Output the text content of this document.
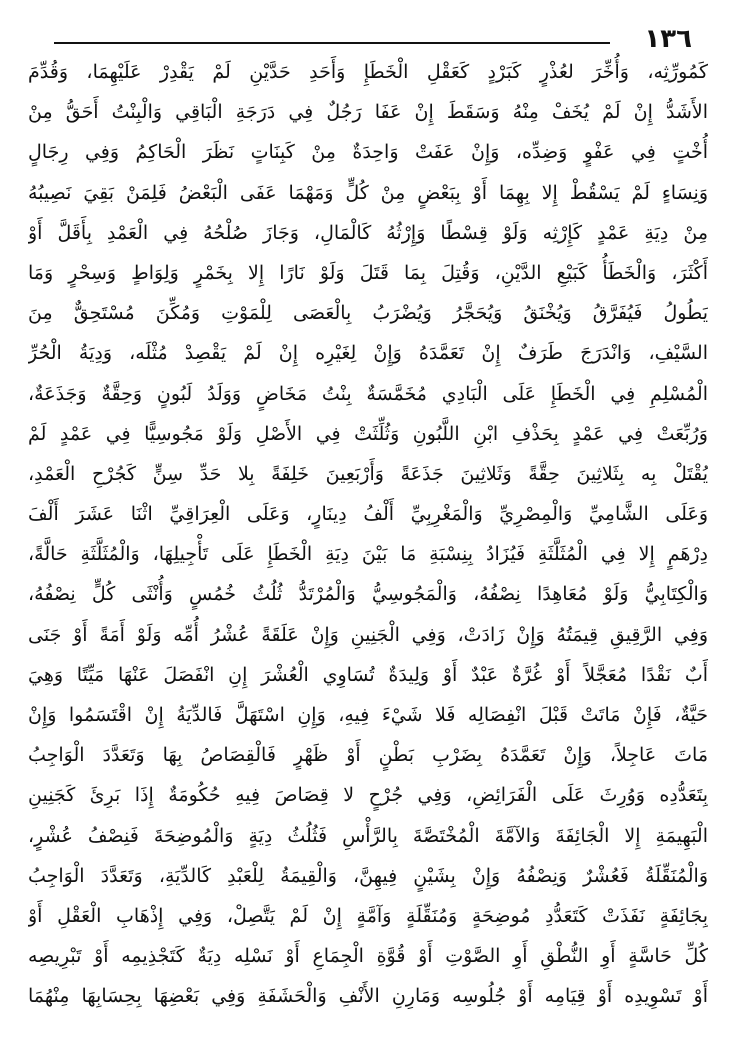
١٣٦
كَمُورِّثِه، وَأُخِّرَ لعُذْرٍ كَبَرْدٍ كَعَقْلِ الْخَطَإِ وَأَحَدِ حَدَّيْنِ لَمْ يَقْدِرْ عَلَيْهِمَا، وَقُدِّمَ
الأَشَدُّ إِنْ لَمْ يُخَفْ مِنْهُ وَسَقَطَ إِنْ عَفَا رَجُلٌ فِي دَرَجَةِ الْبَاقِي وَالْبِنْتُ أَحَقُّ مِنْ
أُخْتٍ فِي عَفْوٍ وَضِدِّه، وَإِنْ عَفَتْ وَاحِدَةٌ مِنْ كَبِنَاتٍ نَظَرَ الْحَاكِمُ وَفِي رِجَالٍ
وَنِسَاءٍ لَمْ يَسْقُطْ إِلا بِهِمَا أَوْ بِبَعْضٍ مِنْ كُلٍّ وَمَهْمَا عَفَى الْبَعْضُ فَلِمَنْ بَقِيَ نَصِيبُهُ
مِنْ دِيَةِ عَمْدٍ كَإِرْثِه وَلَوْ قِسْطًا وَإِرْثُهُ كَالْمَالِ، وَجَازَ صُلْحُهُ فِي الْعَمْدِ بِأَقَلَّ أَوْ
أَكْثَرَ، وَالْخَطَأُ كَبَيْعِ الدَّيْنِ، وَقُتِلَ بِمَا قَتَلَ وَلَوْ نَارًا إِلا بِخَمْرٍ وَلِوَاطٍ وَسِحْرٍ وَمَا
يَطُولُ فَيُفَرَّقُ وَيُخْنَقُ وَيُحَجَّرُ وَيُضْرَبُ بِالْعَصَى لِلْمَوْتِ وَمُكِّنَ مُسْتَحِقٌّ مِنَ
السَّيْفِ، وَانْدَرَجَ طَرَفٌ إِنْ تَعَمَّدَهُ وَإِنْ لِغَيْرِه إِنْ لَمْ يَقْصِدْ مُثْلَه، وَدِيَةُ الْحُرِّ
الْمُسْلِمِ فِي الْخَطَإِ عَلَى الْبَادِي مُخَمَّسَةٌ بِنْتُ مَخَاضٍ وَوَلَدُ لَبُونٍ وَحِقَّةٌ وَجَذَعَةٌ،
وَرُبِّعَتْ فِي عَمْدٍ بِحَذْفِ ابْنِ اللَّبُونِ وَثُلِّثَتْ فِي الأَصْلِ وَلَوْ مَجُوسِيًّا فِي عَمْدٍ لَمْ
يُقْتَلْ بِه بِثَلاثِينَ حِقَّةً وَثَلاثِينَ جَذَعَةً وَأَرْبَعِينَ خَلِفَةً بِلا حَدِّ سِنٍّ كَجُرْحِ الْعَمْدِ،
وَعَلَى الشَّامِيِّ وَالْمِصْرِيِّ وَالْمَغْرِبِيِّ أَلْفُ دِينَارٍ، وَعَلَى الْعِرَاقِيِّ اثْنَا عَشَرَ أَلْفَ
دِرْهَمٍ إِلا فِي الْمُثَلَّثَةِ فَيُزَادُ بِنِسْبَةِ مَا بَيْنَ دِيَةِ الْخَطَإِ عَلَى تَأْجِيلِهَا، وَالْمُثَلَّثَةِ حَالَّةً،
وَالْكِتَابِيُّ وَلَوْ مُعَاهِدًا نِصْفُهُ، وَالْمَجُوسِيُّ وَالْمُرْتَدُّ ثُلُثُ خُمُسٍ وَأُنْثَى كُلٍّ نِصْفُهُ،
وَفِي الرَّقِيقِ قِيمَتُهُ وَإِنْ زَادَتْ، وَفِي الْجَنِينِ وَإِنْ عَلَقَةً عُشْرُ أُمِّه وَلَوْ أَمَةً أَوْ جَنَى
أَبٌ نَقْدًا مُعَجَّلاً أَوْ غُرَّةٌ عَبْدٌ أَوْ وَلِيدَةٌ تُسَاوِي الْعُشْرَ إِنِ انْفَصَلَ عَنْهَا مَيِّتًا وَهِيَ
حَيَّةٌ، فَإِنْ مَاتَتْ قَبْلَ انْفِصَالِه فَلا شَيْءَ فِيهِ، وَإِنِ اسْتَهَلَّ فَالدِّيَةُ إِنْ اقْتَسَمُوا وَإِنْ
مَاتَ عَاجِلاً، وَإِنْ تَعَمَّدَهُ بِضَرْبِ بَطْنٍ أَوْ ظَهْرٍ فَالْقِصَاصُ بِهَا وَتَعَدَّدَ الْوَاجِبُ
بِتَعَدُّدِه وَوُرِثَ عَلَى الْفَرَائِضِ، وَفِي جُرْحٍ لا قِصَاصَ فِيهِ حُكُومَةٌ إِذَا بَرِئَ كَجَنِينِ
الْبَهِيمَةِ إِلا الْجَائِفَةَ وَالآمَّةَ الْمُخْتَصَّةَ بِالرَّأْسِ فَثُلُثُ دِيَةٍ وَالْمُوضِحَةَ فَنِصْفُ عُشْرٍ،
وَالْمُنَقِّلَةُ فَعُشْرٌ وَنِصْفُهُ وَإِنْ بِشَيْنٍ فِيهِنَّ، وَالْقِيمَةُ لِلْعَبْدِ كَالدِّيَةِ، وَتَعَدَّدَ الْوَاجِبُ
بِجَائِفَةٍ نَفَذَتْ كَتَعَدُّدِ مُوضِحَةٍ وَمُنَقِّلَةٍ وَآمَّةٍ إِنْ لَمْ يَتَّصِلْ، وَفِي إِذْهَابِ الْعَقْلِ أَوْ
كُلِّ حَاسَّةٍ أَوِ النُّطْقِ أَوِ الصَّوْتِ أَوْ قُوَّةِ الْجِمَاعِ أَوْ نَسْلِه دِيَةٌ كَتَجْذِيمِه أَوْ تَبْرِيصِه
أَوْ تَسْوِيدِه أَوْ قِيَامِه أَوْ جُلُوسِه وَمَارِنِ الأَنْفِ وَالْحَشَفَةِ وَفِي بَعْضِهَا بِحِسَابِهَا مِنْهُمَا
